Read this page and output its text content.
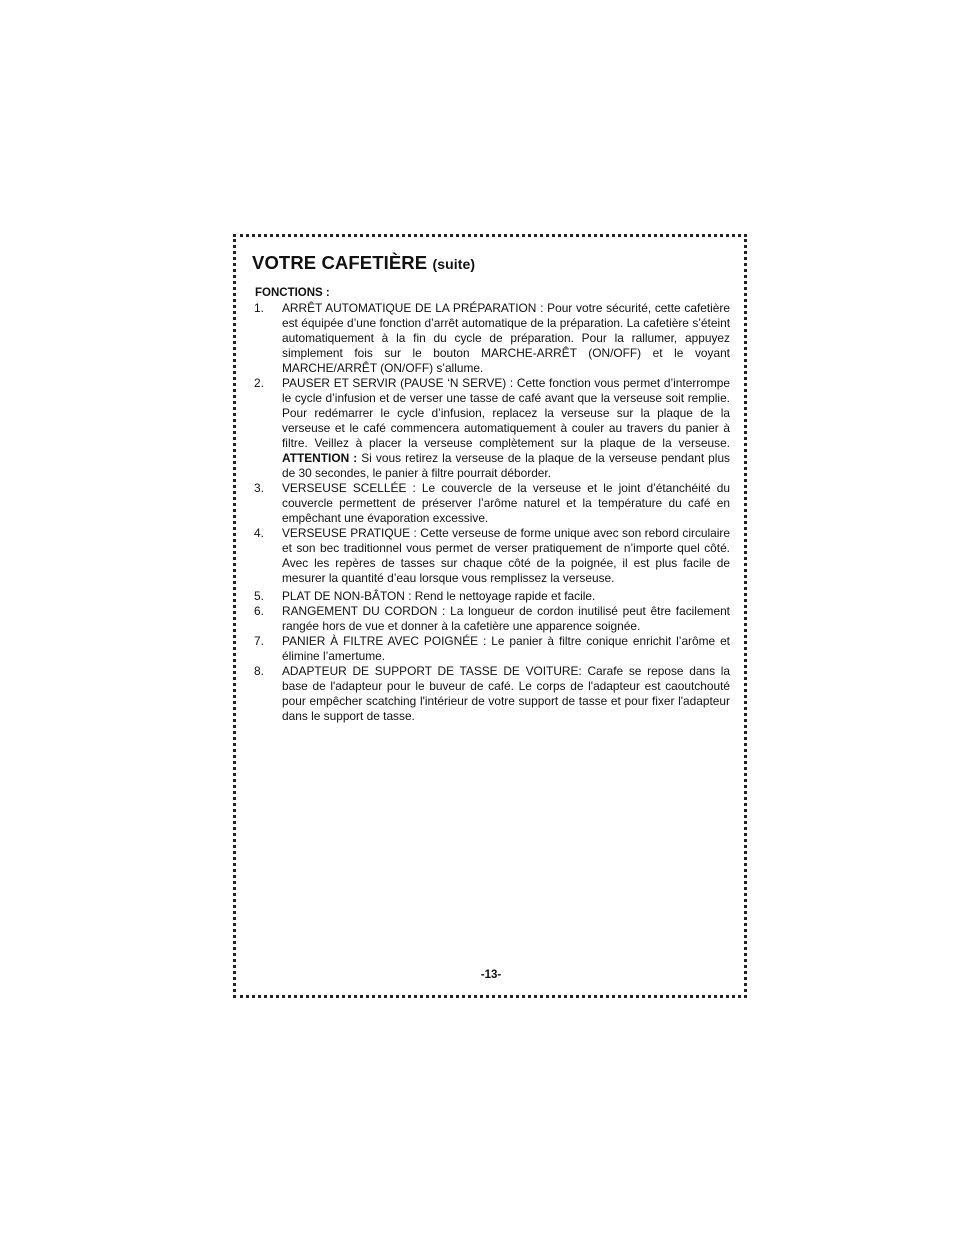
VOTRE CAFETIÈRE (suite)
FONCTIONS :
1. ARRÊT AUTOMATIQUE DE LA PRÉPARATION : Pour votre sécurité, cette cafetière est équipée d’une fonction d’arrêt automatique de la préparation. La cafetière s’éteint automatiquement à la fin du cycle de préparation. Pour la rallumer, appuyez simplement fois sur le bouton MARCHE-ARRÊT (ON/OFF) et le voyant MARCHE/ARRÊT (ON/OFF) s’allume.
2. PAUSER ET SERVIR (PAUSE ‘N SERVE) : Cette fonction vous permet d’interrompe le cycle d’infusion et de verser une tasse de café avant que la verseuse soit remplie. Pour redémarrer le cycle d’infusion, replacez la verseuse sur la plaque de la verseuse et le café commencera automatiquement à couler au travers du panier à filtre. Veillez à placer la verseuse complètement sur la plaque de la verseuse. ATTENTION : Si vous retirez la verseuse de la plaque de la verseuse pendant plus de 30 secondes, le panier à filtre pourrait déborder.
3. VERSEUSE SCELLÉE : Le couvercle de la verseuse et le joint d’étanchéité du couvercle permettent de préserver l’arôme naturel et la température du café en empêchant une évaporation excessive.
4. VERSEUSE PRATIQUE : Cette verseuse de forme unique avec son rebord circulaire et son bec traditionnel vous permet de verser pratiquement de n’importe quel côté. Avec les repères de tasses sur chaque côté de la poignée, il est plus facile de mesurer la quantité d’eau lorsque vous remplissez la verseuse.
5. PLAT DE NON-BÂTON : Rend le nettoyage rapide et facile.
6. RANGEMENT DU CORDON : La longueur de cordon inutilisé peut être facilement rangée hors de vue et donner à la cafetière une apparence soignée.
7. PANIER À FILTRE AVEC POIGNÉE : Le panier à filtre conique enrichit l’arôme et élimine l’amertume.
8. ADAPTEUR DE SUPPORT DE TASSE DE VOITURE: Carafe se repose dans la base de l'adapteur pour le buveur de café. Le corps de l'adapteur est caoutchouté pour empêcher scatching l'intérieur de votre support de tasse et pour fixer l'adapteur dans le support de tasse.
-13-
